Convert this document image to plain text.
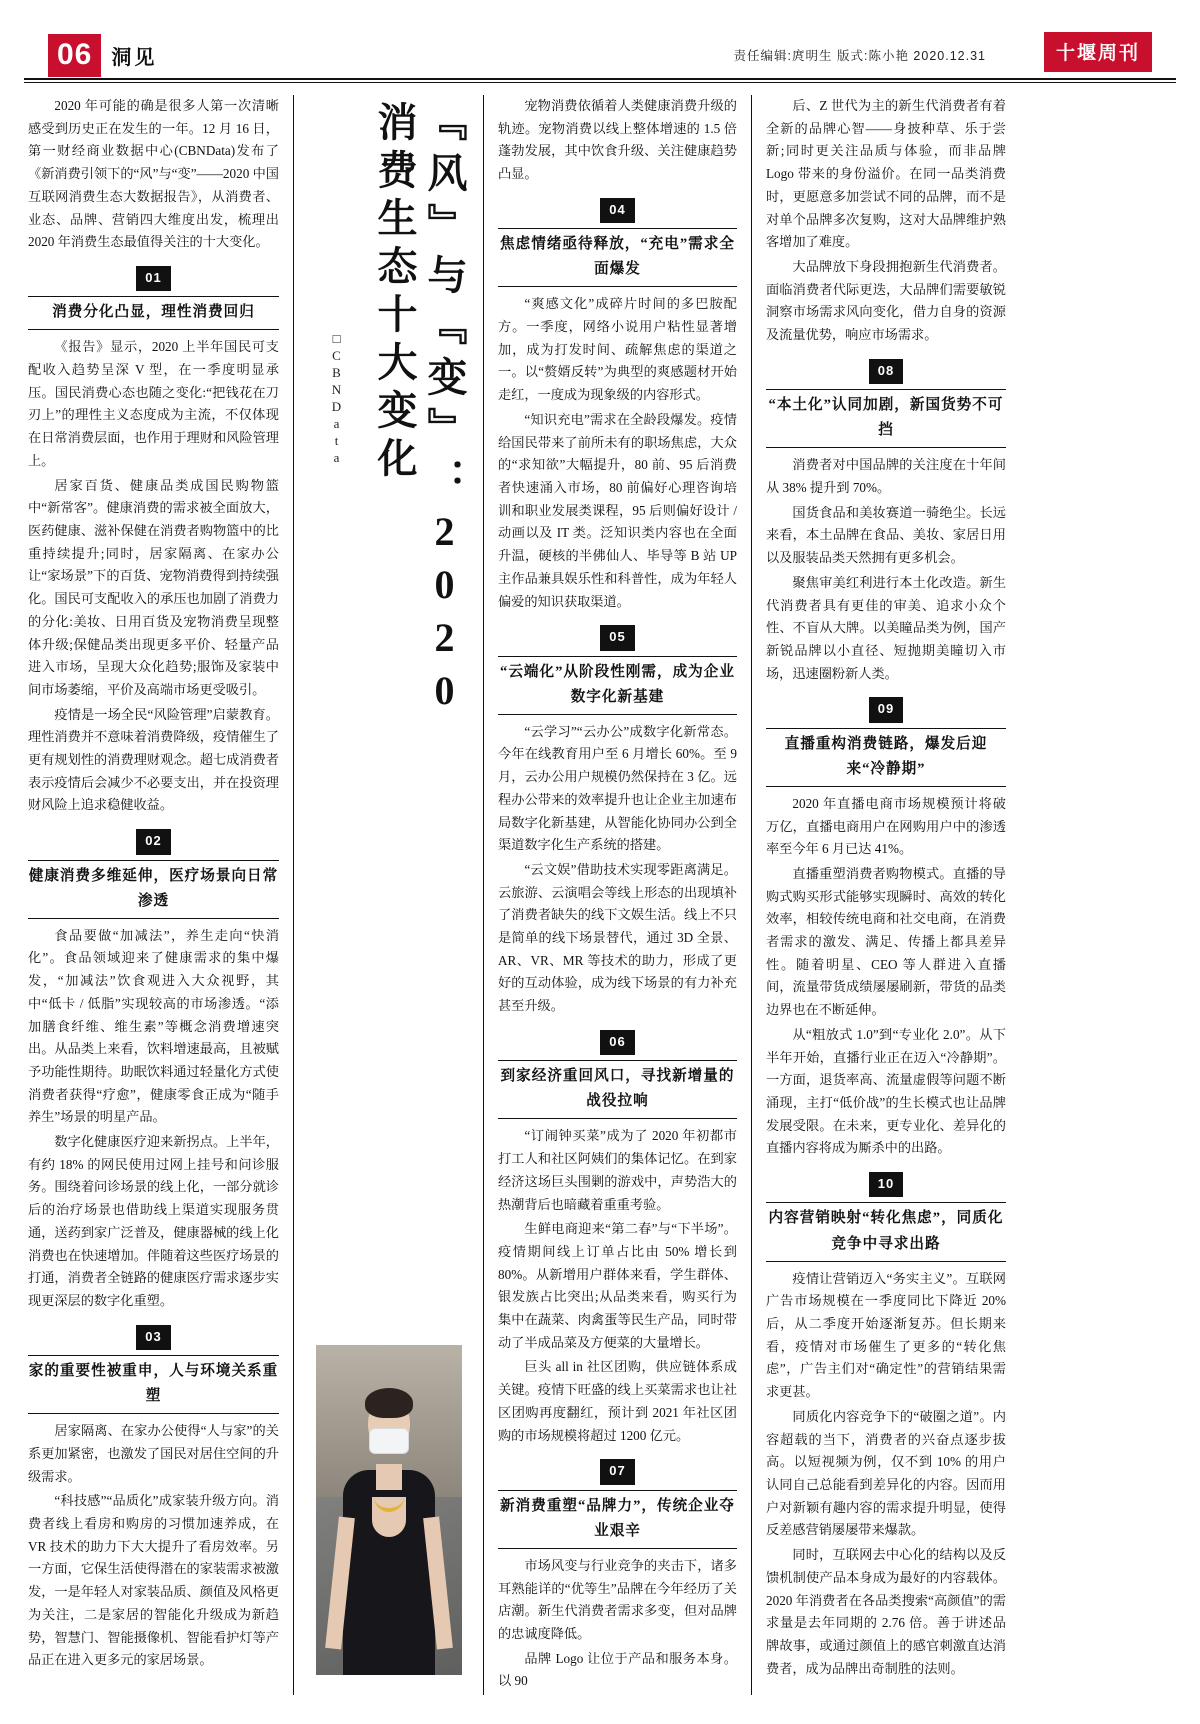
06 洞见	责任编辑:庹明生 版式:陈小艳 2020.12.31	十堰周刊

2020 年可能的确是很多人第一次清晰感受到历史正在发生的一年。12 月 16 日，第一财经商业数据中心(CBNData)发布了《新消费引领下的“风”与“变”——2020 中国互联网消费生态大数据报告》，从消费者、业态、品牌、营销四大维度出发，梳理出 2020 年消费生态最值得关注的十大变化。

01
消费分化凸显，理性消费回归

《报告》显示，2020 上半年国民可支配收入趋势呈深 V 型，在一季度明显承压。国民消费心态也随之变化:“把钱花在刀刃上”的理性主义态度成为主流，不仅体现在日常消费层面，也作用于理财和风险管理上。

居家百货、健康品类成国民购物篮中“新常客”。健康消费的需求被全面放大，医药健康、滋补保健在消费者购物篮中的比重持续提升;同时，居家隔离、在家办公让“家场景”下的百货、宠物消费得到持续强化。国民可支配收入的承压也加剧了消费力的分化:美妆、日用百货及宠物消费呈现整体升级;保健品类出现更多平价、轻量产品进入市场，呈现大众化趋势;服饰及家装中间市场萎缩，平价及高端市场更受吸引。

疫情是一场全民“风险管理”启蒙教育。理性消费并不意味着消费降级，疫情催生了更有规划性的消费理财观念。超七成消费者表示疫情后会减少不必要支出，并在投资理财风险上追求稳健收益。

02
健康消费多维延伸，医疗场景向日常渗透

食品要做“加减法”，养生走向“快消化”。食品领域迎来了健康需求的集中爆发，“加减法”饮食观进入大众视野，其中“低卡 / 低脂”实现较高的市场渗透。“添加膳食纤维、维生素”等概念消费增速突出。从品类上来看，饮料增速最高，且被赋予功能性期待。助眠饮料通过轻量化方式使消费者获得“疗愈”，健康零食正成为“随手养生”场景的明星产品。

数字化健康医疗迎来新拐点。上半年，有约 18% 的网民使用过网上挂号和问诊服务。围绕着问诊场景的线上化，一部分就诊后的治疗场景也借助线上渠道实现服务贯通，送药到家广泛普及，健康器械的线上化消费也在快速增加。伴随着这些医疗场景的打通，消费者全链路的健康医疗需求逐步实现更深层的数字化重塑。

03
家的重要性被重申，人与环境关系重塑

居家隔离、在家办公使得“人与家”的关系更加紧密，也激发了国民对居住空间的升级需求。

“科技感”“品质化”成家装升级方向。消费者线上看房和购房的习惯加速养成，在 VR 技术的助力下大大提升了看房效率。另一方面，它保生活使得潜在的家装需求被激发，一是年轻人对家装品质、颜值及风格更为关注，二是家居的智能化升级成为新趋势，智慧门、智能摄像机、智能看护灯等产品正在进入更多元的家居场景。

『风』与『变』：2020 消费生态十大变化
□CBNData

宠物消费依循着人类健康消费升级的轨迹。宠物消费以线上整体增速的 1.5 倍蓬勃发展，其中饮食升级、关注健康趋势凸显。

04
焦虑情绪亟待释放，“充电”需求全面爆发

“爽感文化”成碎片时间的多巴胺配方。一季度，网络小说用户粘性显著增加，成为打发时间、疏解焦虑的渠道之一。以“赘婿反转”为典型的爽感题材开始走红，一度成为现象级的内容形式。

“知识充电”需求在全龄段爆发。疫情给国民带来了前所未有的职场焦虑，大众的“求知欲”大幅提升，80 前、95 后消费者快速涌入市场，80 前偏好心理咨询培训和职业发展类课程，95 后则偏好设计 / 动画以及 IT 类。泛知识类内容也在全面升温，硬核的半佛仙人、毕导等 B 站 UP 主作品兼具娱乐性和科普性，成为年轻人偏爱的知识获取渠道。

05
“云端化”从阶段性刚需，成为企业数字化新基建

“云学习”“云办公”成数字化新常态。今年在线教育用户至 6 月增长 60%。至 9 月，云办公用户规模仍然保持在 3 亿。远程办公带来的效率提升也让企业主加速布局数字化新基建，从智能化协同办公到全渠道数字化生产系统的搭建。

“云文娱”借助技术实现零距离满足。云旅游、云演唱会等线上形态的出现填补了消费者缺失的线下文娱生活。线上不只是简单的线下场景替代，通过 3D 全景、AR、VR、MR 等技术的助力，形成了更好的互动体验，成为线下场景的有力补充甚至升级。

06
到家经济重回风口，寻找新增量的战役拉响

“订闹钟买菜”成为了 2020 年初都市打工人和社区阿姨们的集体记忆。在到家经济这场巨头围剿的游戏中，声势浩大的热潮背后也暗藏着重重考验。

生鲜电商迎来“第二春”与“下半场”。疫情期间线上订单占比由 50% 增长到 80%。从新增用户群体来看，学生群体、银发族占比突出;从品类来看，购买行为集中在蔬菜、肉禽蛋等民生产品，同时带动了半成品菜及方便菜的大量增长。

巨头 all in 社区团购，供应链体系成关键。疫情下旺盛的线上买菜需求也让社区团购再度翻红，预计到 2021 年社区团购的市场规模将超过 1200 亿元。

07
新消费重塑“品牌力”，传统企业夺业艰辛

市场风变与行业竞争的夹击下，诸多耳熟能详的“优等生”品牌在今年经历了关店潮。新生代消费者需求多变，但对品牌的忠诚度降低。

品牌 Logo 让位于产品和服务本身。以 90

后、Z 世代为主的新生代消费者有着全新的品牌心智——身披种草、乐于尝新;同时更关注品质与体验，而非品牌 Logo 带来的身份溢价。在同一品类消费时，更愿意多加尝试不同的品牌，而不是对单个品牌多次复购，这对大品牌维护熟客增加了难度。

大品牌放下身段拥抱新生代消费者。面临消费者代际更迭，大品牌们需要敏锐洞察市场需求风向变化，借力自身的资源及流量优势，响应市场需求。

08
“本土化”认同加剧，新国货势不可挡

消费者对中国品牌的关注度在十年间从 38% 提升到 70%。

国货食品和美妆赛道一骑绝尘。长远来看，本土品牌在食品、美妆、家居日用以及服装品类天然拥有更多机会。

聚焦审美红利进行本土化改造。新生代消费者具有更佳的审美、追求小众个性、不盲从大牌。以美瞳品类为例，国产新锐品牌以小直径、短抛期美瞳切入市场，迅速圈粉新人类。

09
直播重构消费链路，爆发后迎来“冷静期”

2020 年直播电商市场规模预计将破万亿，直播电商用户在网购用户中的渗透率至今年 6 月已达 41%。

直播重塑消费者购物模式。直播的导购式购买形式能够实现瞬时、高效的转化效率，相较传统电商和社交电商，在消费者需求的激发、满足、传播上都具差异性。随着明星、CEO 等人群进入直播间，流量带货成绩屡屡刷新，带货的品类边界也在不断延伸。

从“粗放式 1.0”到“专业化 2.0”。从下半年开始，直播行业正在迈入“冷静期”。一方面，退货率高、流量虚假等问题不断涌现，主打“低价战”的生长模式也让品牌发展受限。在未来，更专业化、差异化的直播内容将成为厮杀中的出路。

10
内容营销映射“转化焦虑”，同质化竞争中寻求出路

疫情让营销迈入“务实主义”。互联网广告市场规模在一季度同比下降近 20% 后，从二季度开始逐渐复苏。但长期来看，疫情对市场催生了更多的“转化焦虑”，广告主们对“确定性”的营销结果需求更甚。

同质化内容竞争下的“破圈之道”。内容超载的当下，消费者的兴奋点逐步拔高。以短视频为例，仅不到 10% 的用户认同自己总能看到差异化的内容。因而用户对新颖有趣内容的需求提升明显，使得反差感营销屡屡带来爆款。

同时，互联网去中心化的结构以及反馈机制使产品本身成为最好的内容载体。2020 年消费者在各品类搜索“高颜值”的需求量是去年同期的 2.76 倍。善于讲述品牌故事，或通过颜值上的感官刺激直达消费者，成为品牌出奇制胜的法则。
